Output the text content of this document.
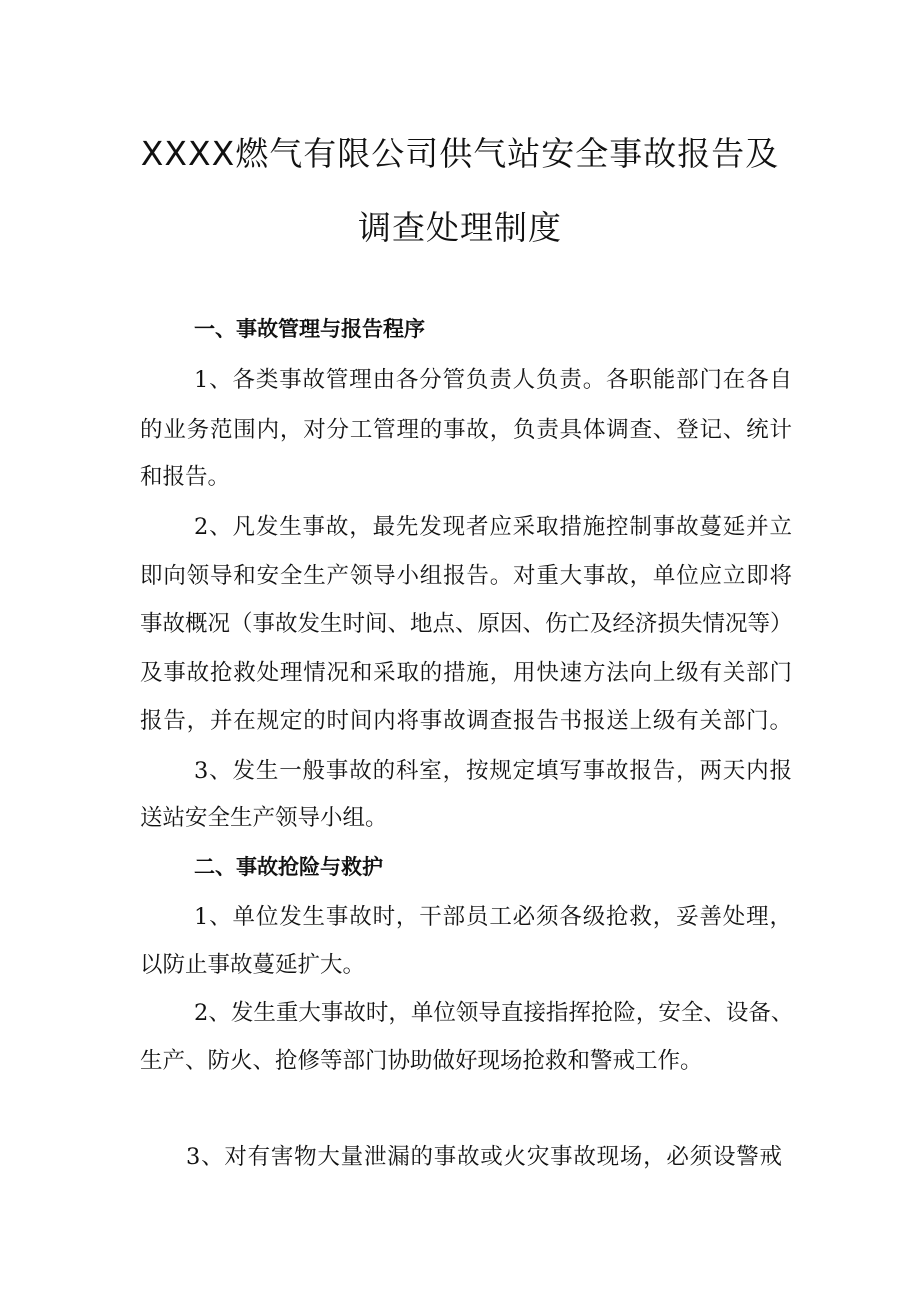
XXXX燃气有限公司供气站安全事故报告及
调查处理制度
一、事故管理与报告程序
1、各类事故管理由各分管负责人负责。各职能部门在各自
的业务范围内，对分工管理的事故，负责具体调查、登记、统计
和报告。
2、凡发生事故，最先发现者应采取措施控制事故蔓延并立
即向领导和安全生产领导小组报告。对重大事故，单位应立即将
事故概况（事故发生时间、地点、原因、伤亡及经济损失情况等）
及事故抢救处理情况和采取的措施，用快速方法向上级有关部门
报告，并在规定的时间内将事故调查报告书报送上级有关部门。
3、发生一般事故的科室，按规定填写事故报告，两天内报
送站安全生产领导小组。
二、事故抢险与救护
1、单位发生事故时，干部员工必须各级抢救，妥善处理，
以防止事故蔓延扩大。
2、发生重大事故时，单位领导直接指挥抢险，安全、设备、
生产、防火、抢修等部门协助做好现场抢救和警戒工作。
3、对有害物大量泄漏的事故或火灾事故现场，必须设警戒
